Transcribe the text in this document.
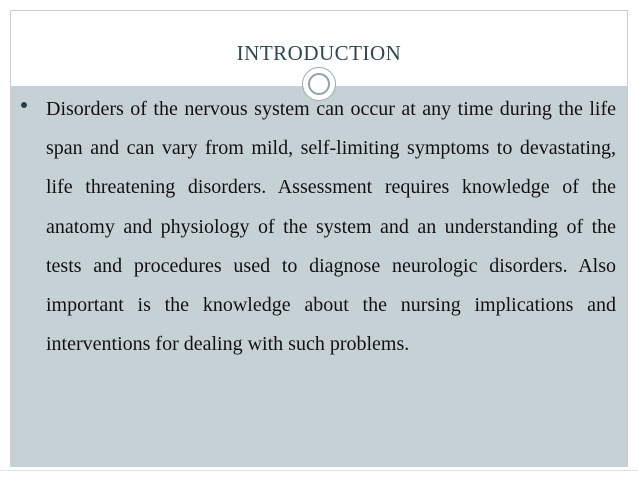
INTRODUCTION
Disorders of the nervous system can occur at any time during the life span and can vary from mild, self-limiting symptoms to devastating, life threatening disorders. Assessment requires knowledge of the anatomy and physiology of the system and an understanding of the tests and procedures used to diagnose neurologic disorders. Also important is the knowledge about the nursing implications and interventions for dealing with such problems.
